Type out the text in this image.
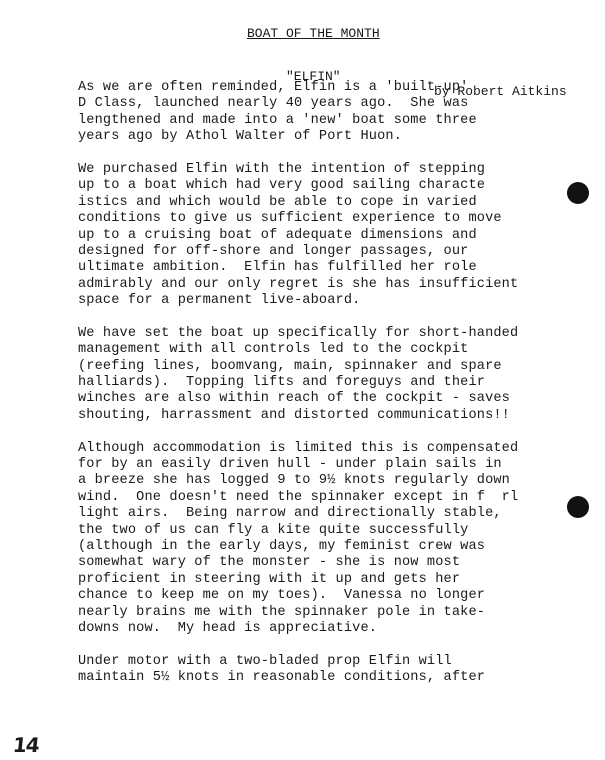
BOAT OF THE MONTH

"ELFIN"

by Robert Aitkins

As we are often reminded, Elfin is a 'built-up'
D Class, launched nearly 40 years ago.  She was
lengthened and made into a 'new' boat some three
years ago by Athol Walter of Port Huon.
We purchased Elfin with the intention of stepping
up to a boat which had very good sailing characte
istics and which would be able to cope in varied
conditions to give us sufficient experience to move
up to a cruising boat of adequate dimensions and
designed for off-shore and longer passages, our
ultimate ambition.  Elfin has fulfilled her role
admirably and our only regret is she has insufficient
space for a permanent live-aboard.
We have set the boat up specifically for short-handed
management with all controls led to the cockpit
(reefing lines, boomvang, main, spinnaker and spare
halliards).  Topping lifts and foreguys and their
winches are also within reach of the cockpit - saves
shouting, harrassment and distorted communications!!
Although accommodation is limited this is compensated
for by an easily driven hull - under plain sails in
a breeze she has logged 9 to 9½ knots regularly down
wind.  One doesn't need the spinnaker except in f  rl
light airs.  Being narrow and directionally stable,
the two of us can fly a kite quite successfully
(although in the early days, my feminist crew was
somewhat wary of the monster - she is now most
proficient in steering with it up and gets her
chance to keep me on my toes).  Vanessa no longer
nearly brains me with the spinnaker pole in take-
downs now.  My head is appreciative.
Under motor with a two-bladed prop Elfin will
maintain 5½ knots in reasonable conditions, after
14
